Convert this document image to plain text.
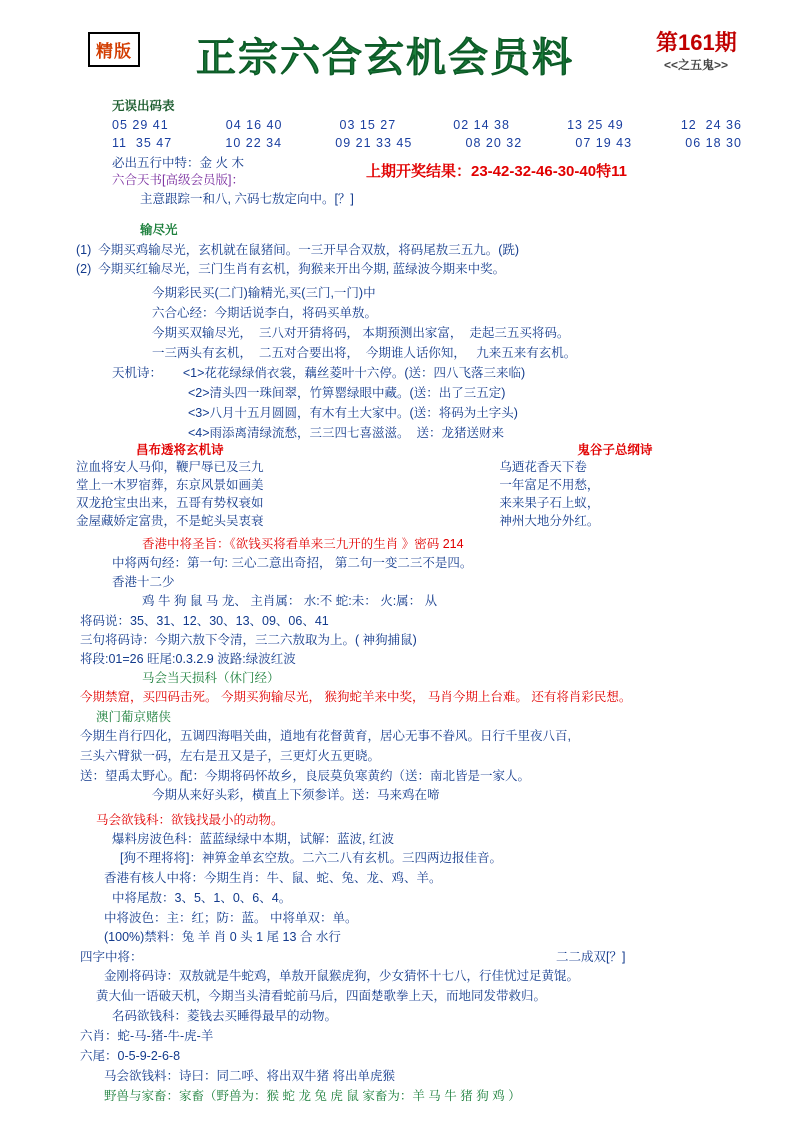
精版 正宗六合玄机会员料	第161期
<<之五鬼>>
无误出码表
05 29 41	04 16 40	03 15 27	02 14 38	13 25 49	12  24 36
11  35 47	10 22 34	09 21 33 45	08 20 32	07 19 43	06 18 30
必出五行中特：金 火 木
六合天书[高级会员版]：
主意跟踪一和八, 六码七敖定向中。[？]
上期开奖结果：23-42-32-46-30-40特11
输尽光
(1)  今期买鸡输尽光，玄机就在鼠猪间。一三开早合双敖，将码尾敖三五九。(跣)
(2)  今期买红输尽光，三门生肖有玄机，狗猴来开出今期, 蓝绿波今期来中奖。
今期彩民买(二门)输精光,买(三门,一门)中
六合心经：今期话说李白，将码买单敖。
今期买双输尽光，  三八对开猜将码， 本期预测出家富，  走起三五买将码。
一三两头有玄机，  二五对合要出将，  今期谁人话你知，   九来五来有玄机。
天机诗：      <1>花花绿绿俏衣裳，藕丝菱叶十六停。(送：四八飞落三来临)
<2>清头四一珠间翠，竹箅罂绿眼中藏。(送：出了三五定)
<3>八月十五月圆圆，有木有土大家中。(送：将码为土字头)
<4>雨添离清绿流愁，三三四七喜滋滋。  送：龙猪送财来
昌布透将玄机诗
泣血将安人马仰，鞭尸辱已及三九
堂上一木罗宿葬，东京风景如画美
双龙抢宝虫出来，五哥有势权衰如
金屋藏娇定富贵，不是蛇头吴衷衰

鬼谷子总纲诗
乌迺花香天下卷
一年富足不用愁，
来来果子石上蚁，
神州大地分外红。
香港中将圣旨：《欲钱买将看单来三九开的生肖 》密码 214
中将两句经：第一句: 三心二意出奇招， 第二句一变二三不是四。
香港十二少
鸡 牛 狗 鼠 马 龙、 主肖属： 水:不 蛇:未： 火:属： 从
将码说：35、31、12、30、13、09、06、41
三句将码诗：今期六敖下令清，三二六敖取为上。( 神狗捕鼠)
将段:01=26 旺尾:0.3.2.9 波路:绿波红波
马会当天损科（休门经）
今期禁窟，买四码击死。 今期买狗输尽光， 猴狗蛇羊来中奖， 马肖今期上台难。 还有将肖彩民想。
澳门葡京赌侠
今期生肖行四化，五调四海唱关曲，逍地有花督黄育，居心无事不眷风。日行千里夜八百,
三头六臂狱一码，左右是丑又是子，三更灯火五更晓。
送：望禹太野心。配：今期将码怀故乡，良辰莫负寒黄约（送：南北皆是一家人。
今期从来好头彩，横直上下须参详。送：马来鸡在啼
马会欲钱科：欲钱找最小的动物。
爆料房波色科：蓝蓝绿绿中本期，试解：蓝波, 红波
[狗不理将将]：神箅金单玄空敖。二六二八有玄机。三四两边报佳音。
香港有核人中将：今期生肖：牛、鼠、蛇、兔、龙、鸡、羊。
中将尾敖：3、5、1、0、6、4。
中将波色：主：红；防：蓝。 中将单双：单。
(100%)禁料：兔 羊 肖 0 头 1 尾 13 合 水行
四字中将：	二二成双[？]
金刚将码诗：双敖就是牛蛇鸡，单敖开鼠猴虎狗，少女猜怀十七八，行佳忧过足黄馄。
黄大仙一语破天机，今期当头清看蛇前马后，四面楚歌拳上天，而地同发带救归。
名码欲钱科：菱钱去买睡得最早的动物。
六肖：蛇-马-猪-牛-虎-羊
六尾：0-5-9-2-6-8
马会欲钱料：诗曰：同二呼、将出双牛猪 将出单虎猴
野兽与家畜：家畜（野兽为：猴 蛇 龙 兔 虎 鼠 家畜为：羊 马 牛 猪 狗 鸡 ）
